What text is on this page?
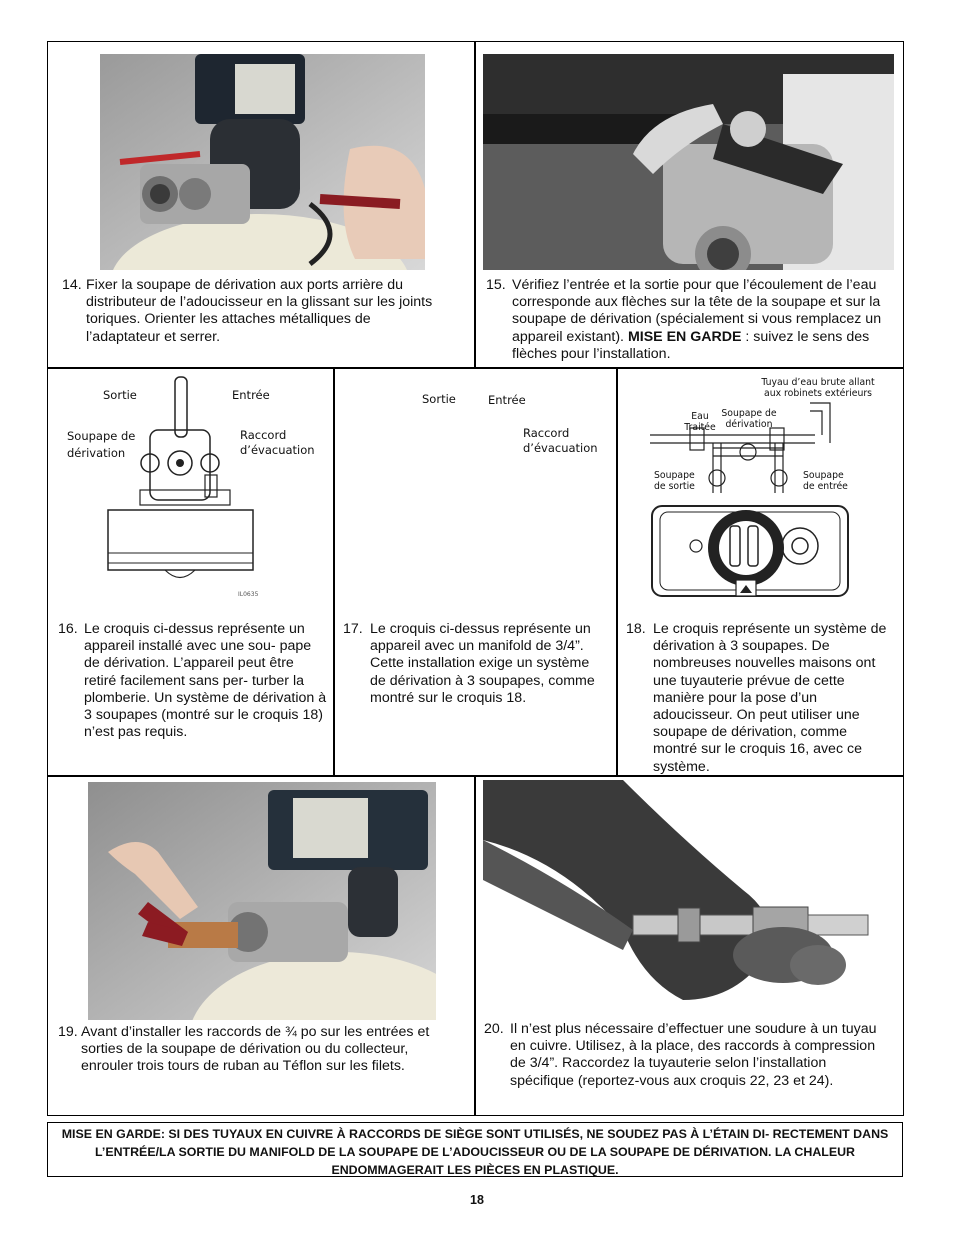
14. Fixer la soupape de dérivation aux ports arrière du distributeur de l’adoucisseur en la glissant sur les joints toriques. Orienter les attaches métalliques de l’adaptateur et serrer.
15. Vérifiez l’entrée et la sortie pour que l’écoulement de l’eau corresponde aux flèches sur la tête de la soupape et sur la soupape de dérivation (spécialement si vous remplacez un appareil existant). MISE EN GARDE : suivez le sens des flèches pour l’installation.
Sortie	Entrée
Soupape de dérivation
Raccord d’évacuation
IL0635
Sortie	Entrée
Raccord d’évacuation
Tuyau d’eau brute allant aux robinets extérieurs
Eau Traitée
Soupape de dérivation
Soupape de sortie
Soupape de entrée
16. Le croquis ci-dessus représente un appareil installé avec une sou- pape de dérivation. L’appareil peut être retiré facilement sans per- turber la plomberie. Un système de dérivation à 3 soupapes (montré sur le croquis 18) n’est pas requis.
17. Le croquis ci-dessus représente un appareil avec un manifold de 3/4”. Cette installation exige un système de dérivation à 3 soupapes, comme montré sur le croquis 18.
18. Le croquis représente un système de dérivation à 3 soupapes. De nombreuses nouvelles maisons ont une tuyauterie prévue de cette manière pour la pose d’un adoucisseur. On peut utiliser une soupape de dérivation, comme montré sur le croquis 16, avec ce système.
19. Avant d’installer les raccords de ¾ po sur les entrées et sorties de la soupape de dérivation ou du collecteur, enrouler trois tours de ruban au Téflon sur les filets.
20. Il n’est plus nécessaire d’effectuer une soudure à un tuyau en cuivre. Utilisez, à la place, des raccords à compression de 3/4”. Raccordez la tuyauterie selon l’installation spécifique (reportez-vous aux croquis 22, 23 et 24).
MISE EN GARDE: SI DES TUYAUX EN CUIVRE À RACCORDS DE SIÈGE SONT UTILISÉS, NE SOUDEZ PAS À L’ÉTAIN DI- RECTEMENT DANS L’ENTRÉE/LA SORTIE DU MANIFOLD DE LA SOUPAPE DE L’ADOUCISSEUR OU DE LA SOUPAPE DE DÉRIVATION. LA CHALEUR ENDOMMAGERAIT LES PIÈCES EN PLASTIQUE.
18
